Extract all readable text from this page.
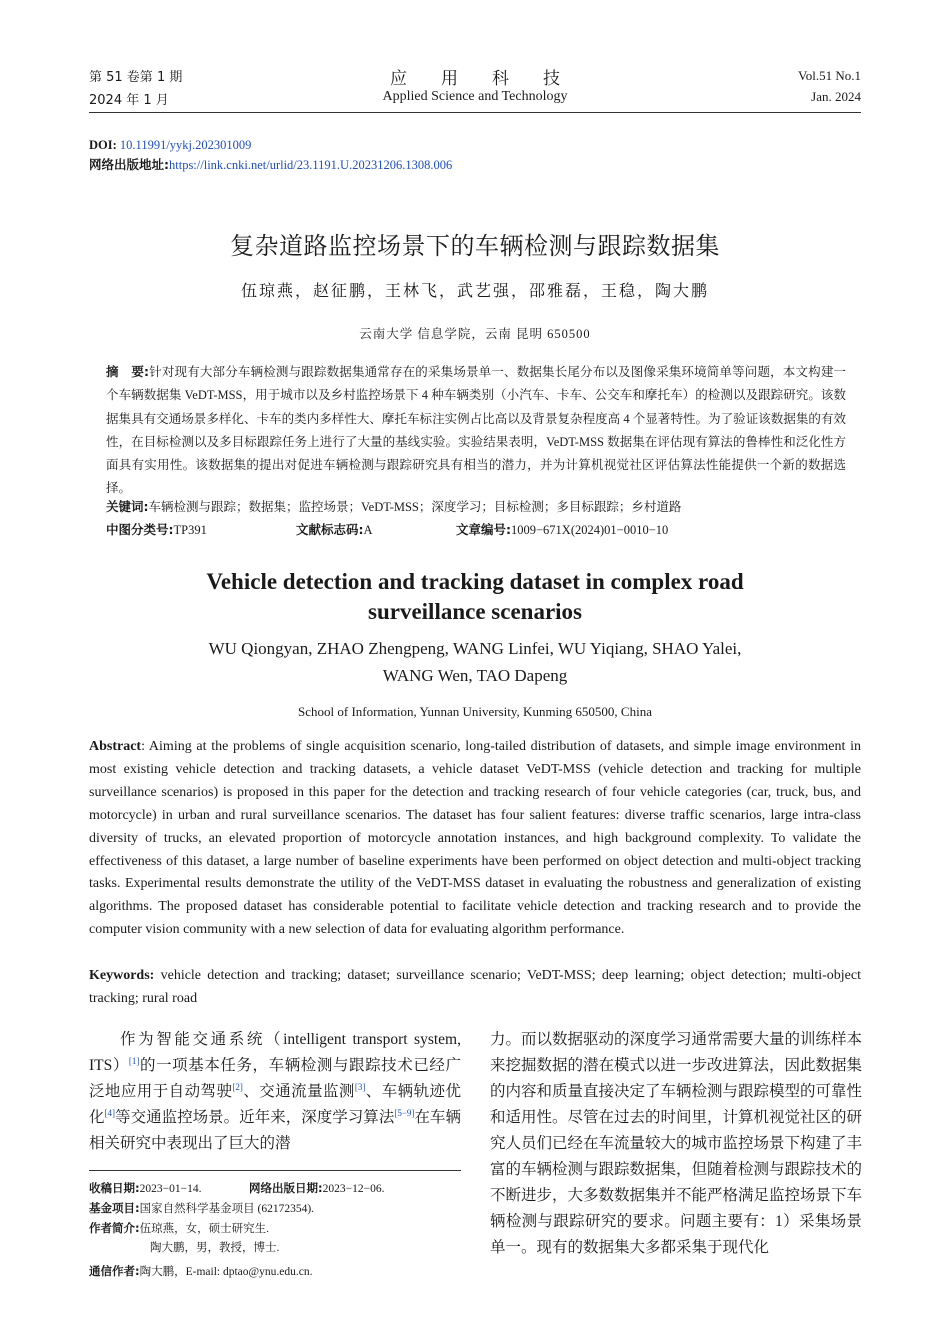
第 51 卷第 1 期
2024 年 1 月
应　　用　　科　　技
Applied Science and Technology
Vol.51 No.1
Jan. 2024
DOI: 10.11991/yykj.202301009
网络出版地址:https://link.cnki.net/urlid/23.1191.U.20231206.1308.006
复杂道路监控场景下的车辆检测与跟踪数据集
伍琼燕，赵征鹏，王林飞，武艺强，邵雅磊，王稳，陶大鹏
云南大学 信息学院，云南 昆明 650500
摘　要:针对现有大部分车辆检测与跟踪数据集通常存在的采集场景单一、数据集长尾分布以及图像采集环境简单等问题，本文构建一个车辆数据集 VeDT-MSS，用于城市以及乡村监控场景下 4 种车辆类别（小汽车、卡车、公交车和摩托车）的检测以及跟踪研究。该数据集具有交通场景多样化、卡车的类内多样性大、摩托车标注实例占比高以及背景复杂程度高 4 个显著特性。为了验证该数据集的有效性，在目标检测以及多目标跟踪任务上进行了大量的基线实验。实验结果表明，VeDT-MSS 数据集在评估现有算法的鲁棒性和泛化性方面具有实用性。该数据集的提出对促进车辆检测与跟踪研究具有相当的潜力，并为计算机视觉社区评估算法性能提供一个新的数据选择。
关键词:车辆检测与跟踪；数据集；监控场景；VeDT-MSS；深度学习；目标检测；多目标跟踪；乡村道路
中图分类号:TP391	文献标志码:A	文章编号:1009−671X(2024)01−0010−10
Vehicle detection and tracking dataset in complex road
surveillance scenarios
WU Qiongyan, ZHAO Zhengpeng, WANG Linfei, WU Yiqiang, SHAO Yalei,
WANG Wen, TAO Dapeng
School of Information, Yunnan University, Kunming 650500, China
Abstract: Aiming at the problems of single acquisition scenario, long-tailed distribution of datasets, and simple image environment in most existing vehicle detection and tracking datasets, a vehicle dataset VeDT-MSS (vehicle detection and tracking for multiple surveillance scenarios) is proposed in this paper for the detection and tracking research of four vehicle categories (car, truck, bus, and motorcycle) in urban and rural surveillance scenarios. The dataset has four salient features: diverse traffic scenarios, large intra-class diversity of trucks, an elevated proportion of motorcycle annotation instances, and high background complexity. To validate the effectiveness of this dataset, a large number of baseline experiments have been performed on object detection and multi-object tracking tasks. Experimental results demonstrate the utility of the VeDT-MSS dataset in evaluating the robustness and generalization of existing algorithms. The proposed dataset has considerable potential to facilitate vehicle detection and tracking research and to provide the computer vision community with a new selection of data for evaluating algorithm performance.
Keywords: vehicle detection and tracking; dataset; surveillance scenario; VeDT-MSS; deep learning; object detection; multi-object tracking; rural road

作为智能交通系统（intelligent transport system, ITS）[1]的一项基本任务，车辆检测与跟踪技术已经广泛地应用于自动驾驶[2]、交通流量监测[3]、车辆轨迹优化[4]等交通监控场景。近年来，深度学习算法[5−9]在车辆相关研究中表现出了巨大的潜

力。而以数据驱动的深度学习通常需要大量的训练样本来挖掘数据的潜在模式以进一步改进算法，因此数据集的内容和质量直接决定了车辆检测与跟踪模型的可靠性和适用性。尽管在过去的时间里，计算机视觉社区的研究人员们已经在车流量较大的城市监控场景下构建了丰富的车辆检测与跟踪数据集，但随着检测与跟踪技术的不断进步，大多数数据集并不能严格满足监控场景下车辆检测与跟踪研究的要求。问题主要有：1）采集场景单一。现有的数据集大多都采集于现代化

收稿日期:2023−01−14.	网络出版日期:2023−12−06.
基金项目:国家自然科学基金项目 (62172354).
作者简介:伍琼燕，女，硕士研究生.
陶大鹏，男，教授，博士.
通信作者:陶大鹏，E-mail: dptao@ynu.edu.cn.
